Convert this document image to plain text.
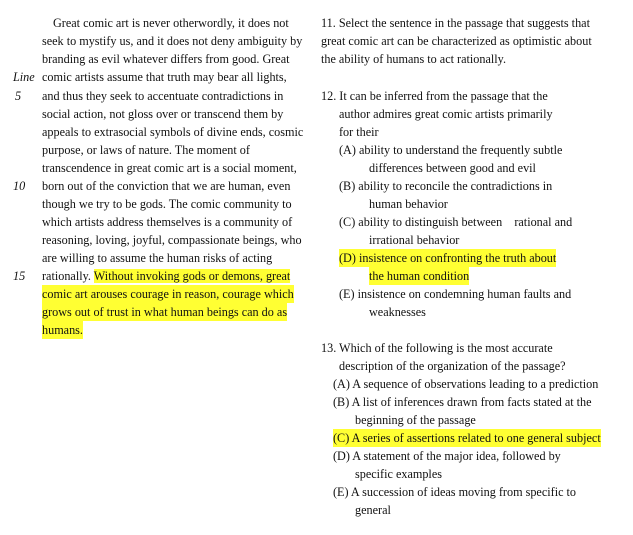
Great comic art is never otherwordly, it does not
seek to mystify us, and it does not deny ambiguity by
branding as evil whatever differs from good. Great
Line comic artists assume that truth may bear all lights,
5 and thus they seek to accentuate contradictions in
social action, not gloss over or transcend them by
appeals to extrasocial symbols of divine ends, cosmic
purpose, or laws of nature. The moment of
transcendence in great comic art is a social moment,
10 born out of the conviction that we are human, even
though we try to be gods. The comic community to
which artists address themselves is a community of
reasoning, loving, joyful, compassionate beings, who
are willing to assume the human risks of acting
15 rationally. Without invoking gods or demons, great
comic art arouses courage in reason, courage which
grows out of trust in what human beings can do as
humans.
11. Select the sentence in the passage that suggests that
great comic art can be characterized as optimistic about
the ability of humans to act rationally.
12. It can be inferred from the passage that the
author admires great comic artists primarily
for their
(A) ability to understand the frequently subtle
differences between good and evil
(B) ability to reconcile the contradictions in
human behavior
(C) ability to distinguish between    rational and
irrational behavior
(D) insistence on confronting the truth about
the human condition
(E) insistence on condemning human faults and
weaknesses
13. Which of the following is the most accurate
description of the organization of the passage?
(A) A sequence of observations leading to a prediction
(B) A list of inferences drawn from facts stated at the
beginning of the passage
(C) A series of assertions related to one general subject
(D) A statement of the major idea, followed by
specific examples
(E) A succession of ideas moving from specific to
general
